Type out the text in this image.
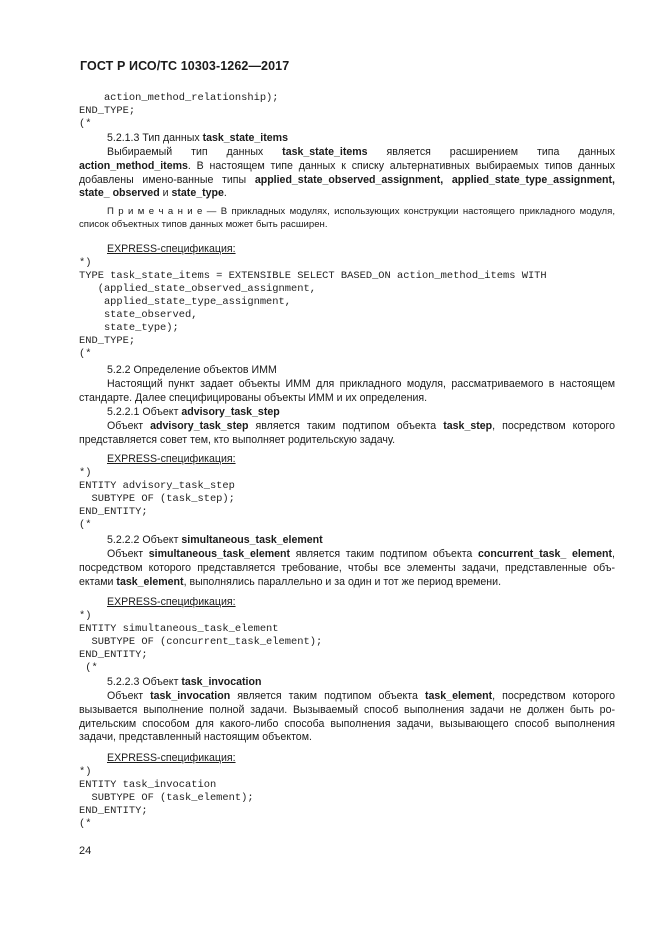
ГОСТ Р ИСО/ТС 10303-1262—2017
action_method_relationship);
END_TYPE;
(*
5.2.1.3 Тип данных task_state_items
Выбираемый тип данных task_state_items является расширением типа данных action_method_items. В настоящем типе данных к списку альтернативных выбираемых типов данных добавлены имено-ванные типы applied_state_observed_assignment, applied_state_type_assignment, state_ observed и state_type.
П р и м е ч а н и е — В прикладных модулях, использующих конструкции настоящего прикладного модуля, список объектных типов данных может быть расширен.
EXPRESS-спецификация:
*)
TYPE task_state_items = EXTENSIBLE SELECT BASED_ON action_method_items WITH
(applied_state_observed_assignment,
applied_state_type_assignment,
state_observed,
state_type);
END_TYPE;
(*
5.2.2 Определение объектов ИММ
Настоящий пункт задает объекты ИММ для прикладного модуля, рассматриваемого в настоящем стандарте. Далее специфицированы объекты ИММ и их определения.
5.2.2.1 Объект advisory_task_step
Объект advisory_task_step является таким подтипом объекта task_step, посредством которого представляется совет тем, кто выполняет родительскую задачу.
EXPRESS-спецификация:
*)
ENTITY advisory_task_step
SUBTYPE OF (task_step);
END_ENTITY;
(*
5.2.2.2 Объект simultaneous_task_element
Объект simultaneous_task_element является таким подтипом объекта concurrent_task_ element, посредством которого представляется требование, чтобы все элементы задачи, представленные объ-ектами task_element, выполнялись параллельно и за один и тот же период времени.
EXPRESS-спецификация:
*)
ENTITY simultaneous_task_element
SUBTYPE OF (concurrent_task_element);
END_ENTITY;
(*
5.2.2.3 Объект task_invocation
Объект task_invocation является таким подтипом объекта task_element, посредством которого вызывается выполнение полной задачи. Вызываемый способ выполнения задачи не должен быть ро-дительским способом для какого-либо способа выполнения задачи, вызывающего способ выполнения задачи, представленный настоящим объектом.
EXPRESS-спецификация:
*)
ENTITY task_invocation
SUBTYPE OF (task_element);
END_ENTITY;
(*
24
